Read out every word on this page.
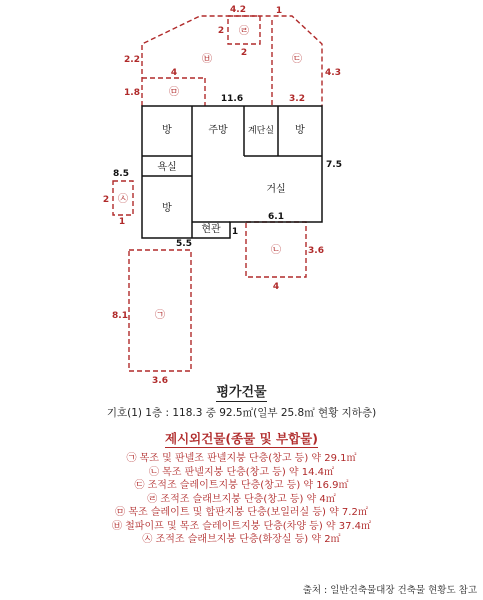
방	주방 계단실 방
욕실
방
거실
현관
11.6
8.5
7.5
6.1
1
5.5
㉠
㉡
㉢
㉣
㉤
㉥
㉦
3.6
8.1
4
3.6
3.2
4.3
1
2
2
4.2
4
1.8
2.2
1
2
평가건물
기호(1) 1층 : 118.3 중 92.5㎡(일부 25.8㎡ 현황 지하층)
제시외건물(종물 및 부합물)
㉠ 목조 및 판넬조 판넬지붕 단층(창고 등) 약 29.1㎡
㉡ 목조 판넬지붕 단층(창고 등) 약 14.4㎡
㉢ 조적조 슬레이트지붕 단층(창고 등) 약 16.9㎡
㉣ 조적조 슬래브지붕 단층(창고 등) 약 4㎡
㉤ 목조 슬레이트 및 합판지붕 단층(보일러실 등) 약 7.2㎡
㉥ 철파이프 및 목조 슬레이트지붕 단층(차양 등) 약 37.4㎡
㉦ 조적조 슬래브지붕 단층(화장실 등) 약 2㎡
출처 : 일반건축물대장 건축물 현황도 참고
